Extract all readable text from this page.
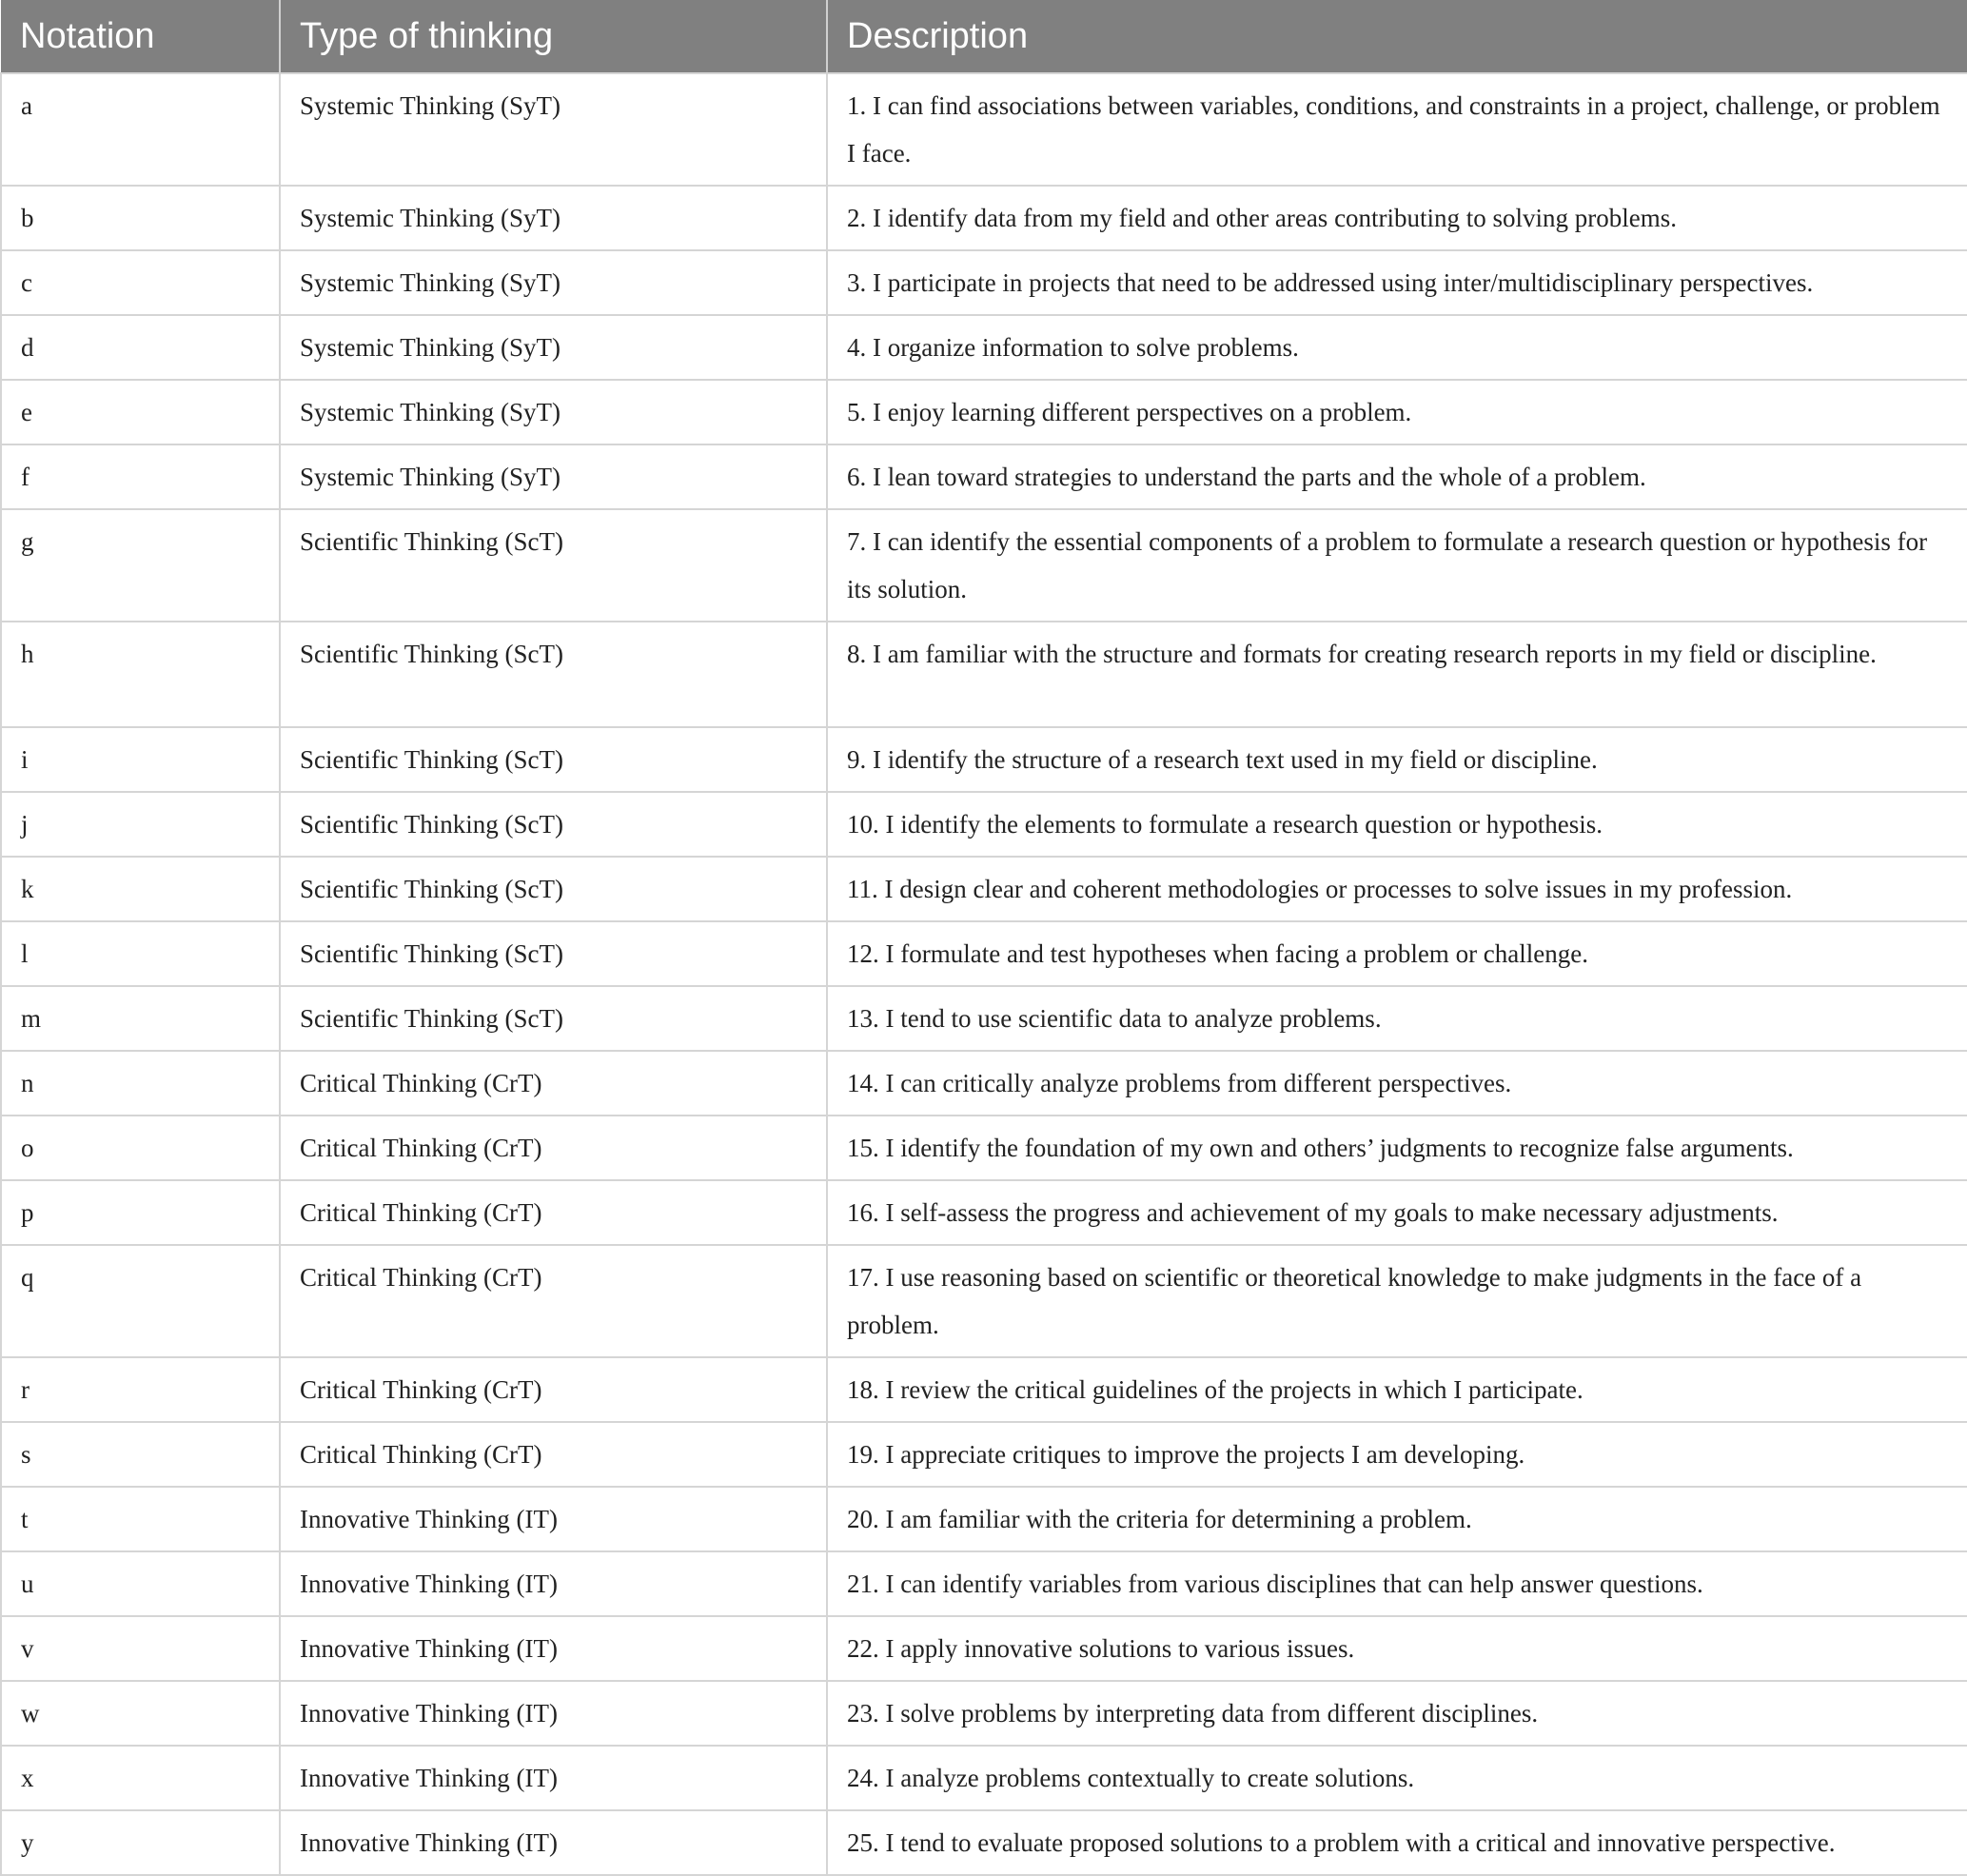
Notation	Type of thinking	Description
a	Systemic Thinking (SyT)	1. I can find associations between variables, conditions, and constraints in a project, challenge, or problem I face.
b	Systemic Thinking (SyT)	2. I identify data from my field and other areas contributing to solving problems.
c	Systemic Thinking (SyT)	3. I participate in projects that need to be addressed using inter/multidisciplinary perspectives.
d	Systemic Thinking (SyT)	4. I organize information to solve problems.
e	Systemic Thinking (SyT)	5. I enjoy learning different perspectives on a problem.
f	Systemic Thinking (SyT)	6. I lean toward strategies to understand the parts and the whole of a problem.
g	Scientific Thinking (ScT)	7. I can identify the essential components of a problem to formulate a research question or hypothesis for its solution.
h	Scientific Thinking (ScT)	8. I am familiar with the structure and formats for creating research reports in my field or discipline.
i	Scientific Thinking (ScT)	9. I identify the structure of a research text used in my field or discipline.
j	Scientific Thinking (ScT)	10. I identify the elements to formulate a research question or hypothesis.
k	Scientific Thinking (ScT)	11. I design clear and coherent methodologies or processes to solve issues in my profession.
l	Scientific Thinking (ScT)	12. I formulate and test hypotheses when facing a problem or challenge.
m	Scientific Thinking (ScT)	13. I tend to use scientific data to analyze problems.
n	Critical Thinking (CrT)	14. I can critically analyze problems from different perspectives.
o	Critical Thinking (CrT)	15. I identify the foundation of my own and others’ judgments to recognize false arguments.
p	Critical Thinking (CrT)	16. I self-assess the progress and achievement of my goals to make necessary adjustments.
q	Critical Thinking (CrT)	17. I use reasoning based on scientific or theoretical knowledge to make judgments in the face of a problem.
r	Critical Thinking (CrT)	18. I review the critical guidelines of the projects in which I participate.
s	Critical Thinking (CrT)	19. I appreciate critiques to improve the projects I am developing.
t	Innovative Thinking (IT)	20. I am familiar with the criteria for determining a problem.
u	Innovative Thinking (IT)	21. I can identify variables from various disciplines that can help answer questions.
v	Innovative Thinking (IT)	22. I apply innovative solutions to various issues.
w	Innovative Thinking (IT)	23. I solve problems by interpreting data from different disciplines.
x	Innovative Thinking (IT)	24. I analyze problems contextually to create solutions.
y	Innovative Thinking (IT)	25. I tend to evaluate proposed solutions to a problem with a critical and innovative perspective.
